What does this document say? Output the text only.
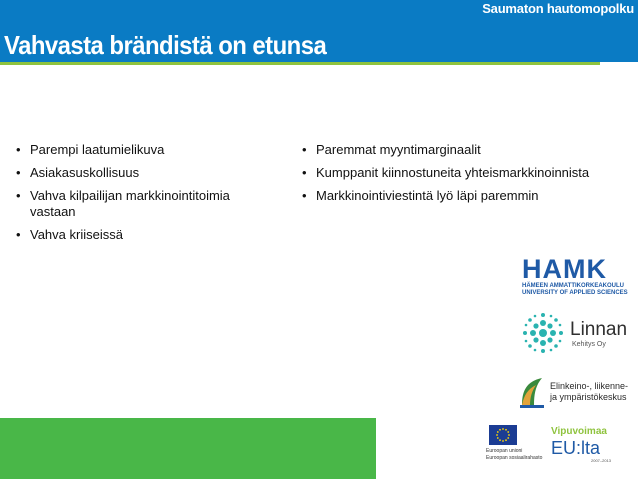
Saumaton hautomopolku
Vahvasta brändistä on etunsa
• Parempi laatumielikuva
• Asiakasuskollisuus
• Vahva kilpailijan markkinointitoimia vastaan
• Vahva kriiseissä
• Paremmat myyntimarginaalit
• Kumppanit kiinnostuneita yhteismarkkinoinnista
• Markkinointiviestintä lyö läpi paremmin
HAMK
HÄMEEN AMMATTIKORKEAKOULU
UNIVERSITY OF APPLIED SCIENCES
Linnan
Kehitys Oy
Elinkeino-, liikenne- ja ympäristökeskus
Euroopan unioni
Euroopan sosiaalirahasto
Vipuvoimaa
EU:lta
2007–2013
